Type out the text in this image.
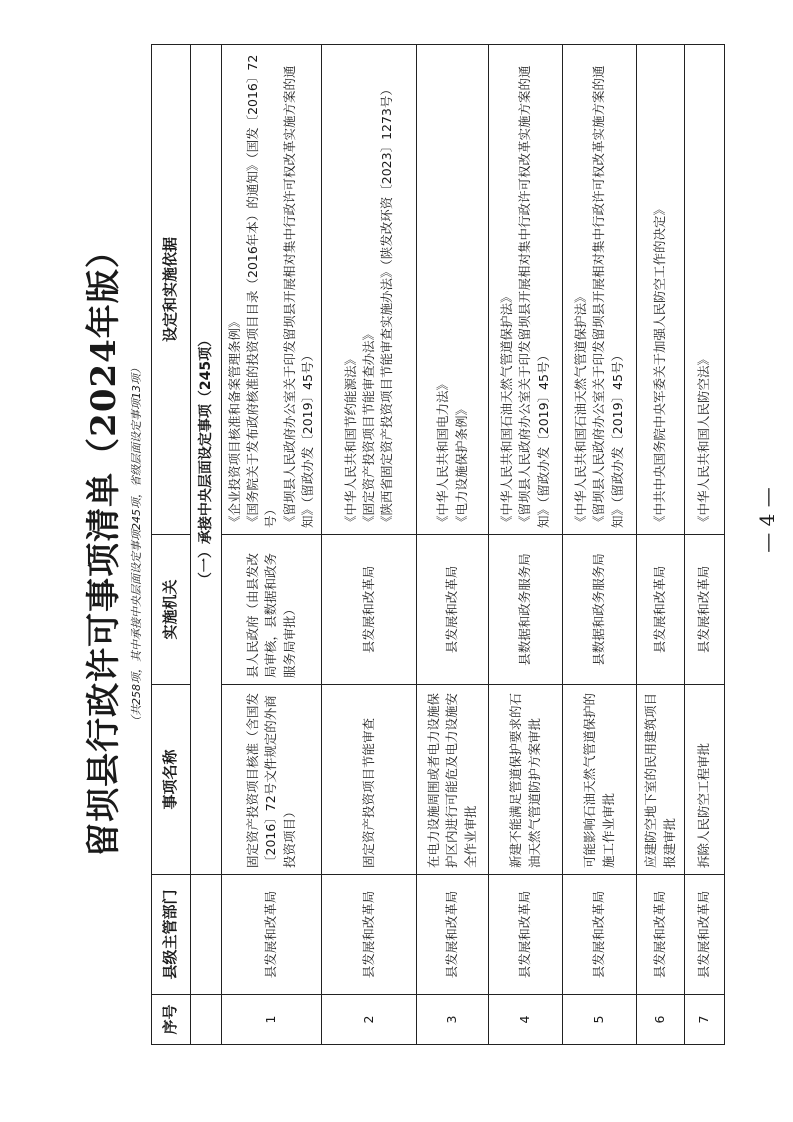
留坝县行政许可事项清单（2024年版） （共258项，其中承接中央层面设定事项245项，省级层面设定事项13项）
序号	县级主管部门	事项名称	实施机关	设定和实施依据
		（一）承接中央层面设定事项（245项）		
1	县发展和改革局	固定资产投资项目核准（含国发〔2016〕72号文件规定的外商投资项目）	县人民政府（由县发改局审核，县数据和政务服务局审批）	《企业投资项目核准和备案管理条例》 《国务院关于发布政府核准的投资项目目录（2016年本）的通知》（国发〔2016〕72号） 《留坝县人民政府办公室关于印发留坝县开展相对集中行政许可权改革实施方案的通知》（留政办发〔2019〕45号）

2	县发展和改革局	固定资产投资项目节能审查	县发展和改革局	《中华人民共和国节约能源法》 《固定资产投资项目节能审查办法》 《陕西省固定资产投资项目节能审查实施办法》（陕发改环资〔2023〕1273号）

3	县发展和改革局	在电力设施周围或者电力设施保护区内进行可能危及电力设施安全作业审批	县发展和改革局	《中华人民共和国电力法》 《电力设施保护条例》

4	县发展和改革局	新建不能满足管道保护要求的石油天然气管道防护方案审批	县数据和政务服务局	《中华人民共和国石油天然气管道保护法》 《留坝县人民政府办公室关于印发留坝县开展相对集中行政许可权改革实施方案的通知》（留政办发〔2019〕45号）

5	县发展和改革局	可能影响石油天然气管道保护的施工作业审批	县数据和政务服务局	《中华人民共和国石油天然气管道保护法》 《留坝县人民政府办公室关于印发留坝县开展相对集中行政许可权改革实施方案的通知》（留政办发〔2019〕45号）

6	县发展和改革局	应建防空地下室的民用建筑项目报建审批	县发展和改革局	《中共中央国务院中央军委关于加强人民防空工作的决定》

7	县发展和改革局	拆除人民防空工程审批	县发展和改革局	《中华人民共和国人民防空法》 — 4 —
